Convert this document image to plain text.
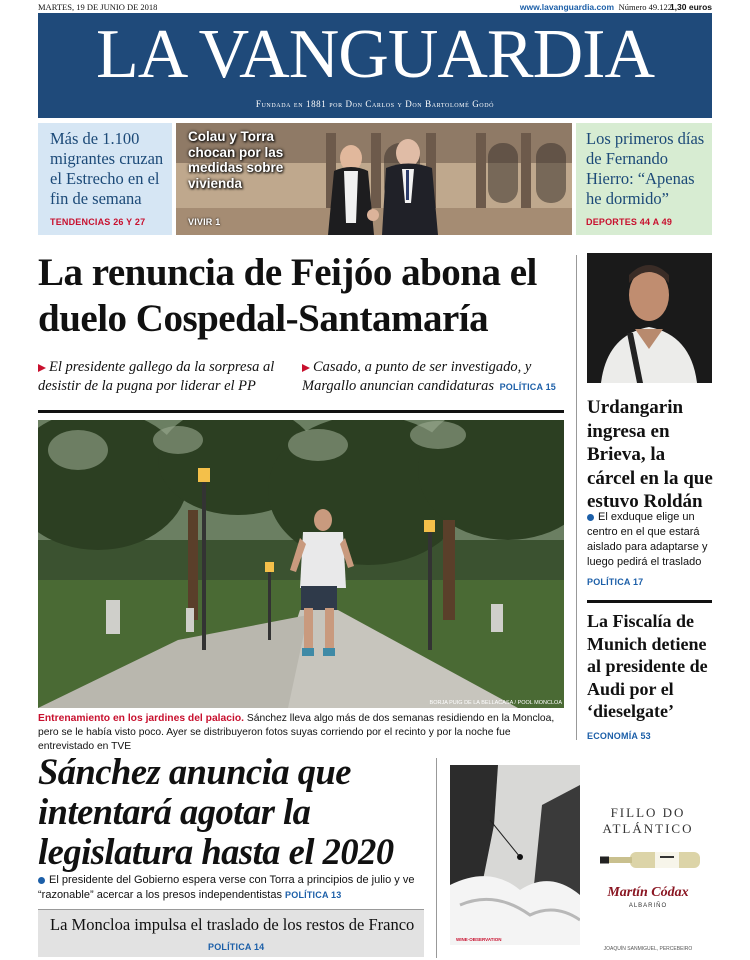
MARTES, 19 DE JUNIO DE 2018	www.lavanguardia.com Número 49.122
1,30 euros
LA VANGUARDIA
Fundada en 1881 por Don Carlos y Don Bartolomé Godó
Más de 1.100 migrantes cruzan el Estrecho en el fin de semana
TENDENCIAS 26 Y 27
Colau y Torra chocan por las medidas sobre vivienda
VIVIR 1
Los primeros días de Fernando Hierro: “Apenas he dormido”
DEPORTES 44 A 49
La renuncia de Feijóo abona el duelo Cospedal-Santamaría
El presidente gallego da la sorpresa al desistir de la pugna por liderar el PP
Casado, a punto de ser investigado, y Margallo anuncian candidaturas POLÍTICA 15
BORJA PUIG DE LA BELLACASA / POOL MONCLOA
Entrenamiento en los jardines del palacio. Sánchez lleva algo más de dos semanas residiendo en la Moncloa, pero se le había visto poco. Ayer se distribuyeron fotos suyas corriendo por el recinto y por la noche fue entrevistado en TVE
Sánchez anuncia que intentará agotar la legislatura hasta el 2020
El presidente del Gobierno espera verse con Torra a principios de julio y ve “razonable” acercar a los presos independentistas POLÍTICA 13
La Moncloa impulsa el traslado de los restos de Franco
POLÍTICA 14
WINE·OBSERVATION
FILLO DO
ATLÁNTICO
Martín Códax
ALBARIÑO
JOAQUÍN SANMIGUEL, PERCEBEIRO
Urdangarin ingresa en Brieva, la cárcel en la que estuvo Roldán
El exduque elige un centro en el que estará aislado para adaptarse y luego pedirá el traslado
POLÍTICA 17
La Fiscalía de Munich detiene al presidente de Audi por el ‘dieselgate’
ECONOMÍA 53
